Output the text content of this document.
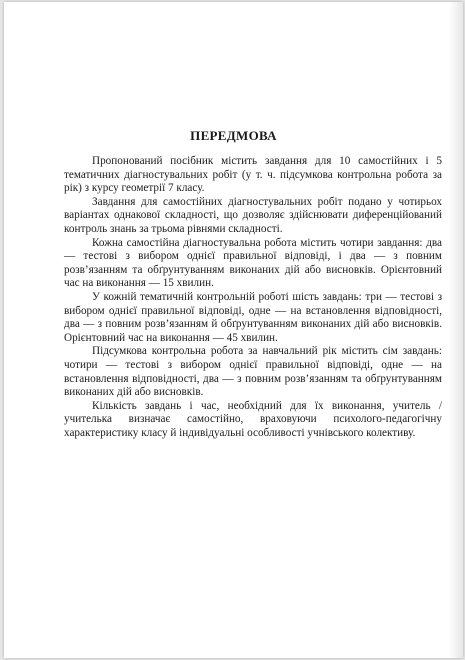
ПЕРЕДМОВА

Пропонований посібник містить завдання для 10 самостійних і 5 тематичних діагностувальних робіт (у т. ч. підсумкова контрольна робота за рік) з курсу геометрії 7 класу.

Завдання для самостійних діагностувальних робіт подано у чотирьох варіантах однакової складності, що дозволяє здійснювати диференційований контроль знань за трьома рівнями складності.

Кожна самостійна діагностувальна робота містить чотири завдання: два — тестові з вибором однієї правильної відповіді, і два — з повним розв’язанням та обґрунтуванням виконаних дій або висновків. Орієнтовний час на виконання — 15 хвилин.

У кожній тематичній контрольній роботі шість завдань: три — тестові з вибором однієї правильної відповіді, одне — на встановлення відповідності, два — з повним розв’язанням й обґрунтуванням виконаних дій або висновків. Орієнтовний час на виконання — 45 хвилин.

Підсумкова контрольна робота за навчальний рік містить сім завдань: чотири — тестові з вибором однієї правильної відповіді, одне — на встановлення відповідності, два — з повним розв’язанням та обґрунтуванням виконаних дій або висновків.

Кількість завдань і час, необхідний для їх виконання, учитель / учителька визначає самостійно, враховуючи психолого-педагогічну характеристику класу й індивідуальні особливості учнівського колективу.
